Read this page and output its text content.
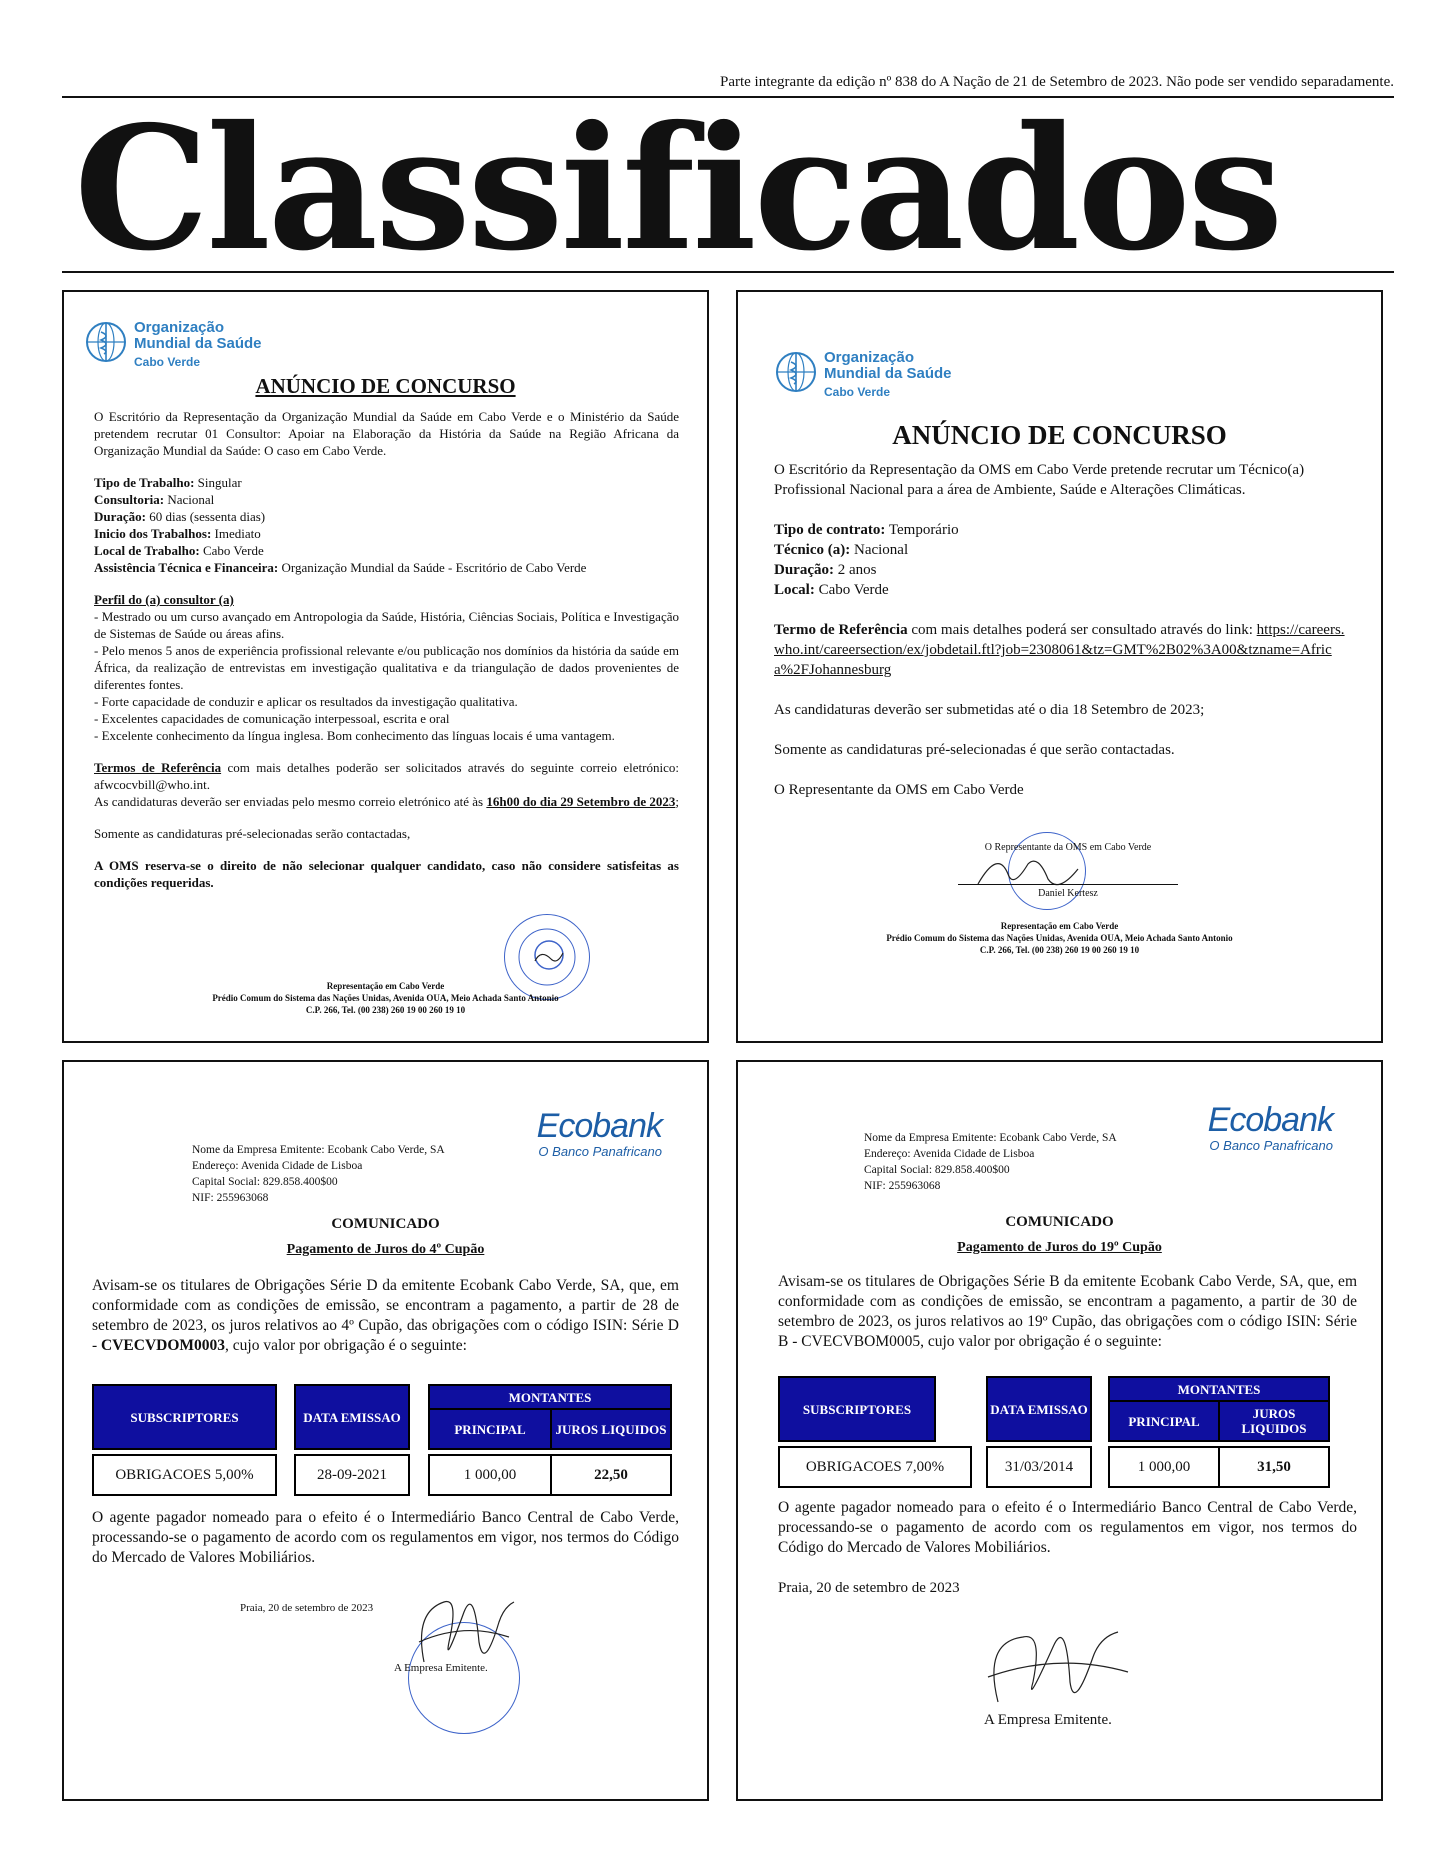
Parte integrante da edição nº 838 do A Nação de 21 de Setembro de 2023. Não pode ser vendido separadamente.
Classificados
Organização
Mundial da Saúde
Cabo Verde
ANÚNCIO DE CONCURSO

O Escritório da Representação da Organização Mundial da Saúde em Cabo Verde e o Ministério da Saúde pretendem recrutar 01 Consultor: Apoiar na Elaboração da História da Saúde na Região Africana da Organização Mundial da Saúde: O caso em Cabo Verde.

Tipo de Trabalho: Singular

Consultoria: Nacional

Duração: 60 dias (sessenta dias)

Inicio dos Trabalhos: Imediato

Local de Trabalho: Cabo Verde

Assistência Técnica e Financeira: Organização Mundial da Saúde - Escritório de Cabo Verde

Perfil do (a) consultor (a)

- Mestrado ou um curso avançado em Antropologia da Saúde, História, Ciências Sociais, Política e Investigação de Sistemas de Saúde ou áreas afins.

- Pelo menos 5 anos de experiência profissional relevante e/ou publicação nos domínios da história da saúde em África, da realização de entrevistas em investigação qualitativa e da triangulação de dados provenientes de diferentes fontes.

- Forte capacidade de conduzir e aplicar os resultados da investigação qualitativa.

- Excelentes capacidades de comunicação interpessoal, escrita e oral

- Excelente conhecimento da língua inglesa. Bom conhecimento das línguas locais é uma vantagem.

Termos de Referência com mais detalhes poderão ser solicitados através do seguinte correio eletrónico: afwcocvbill@who.int.

As candidaturas deverão ser enviadas pelo mesmo correio eletrónico até às 16h00 do dia 29 Setembro de 2023;

Somente as candidaturas pré-selecionadas serão contactadas,

A OMS reserva-se o direito de não selecionar qualquer candidato, caso não considere satisfeitas as condições requeridas.

Representação em Cabo Verde
Prédio Comum do Sistema das Nações Unidas, Avenida OUA, Meio Achada Santo Antonio
C.P. 266, Tel. (00 238) 260 19 00 260 19 10
Organização
Mundial da Saúde
Cabo Verde
ANÚNCIO DE CONCURSO

O Escritório da Representação da OMS em Cabo Verde pretende recrutar um Técnico(a) Profissional Nacional para a área de Ambiente, Saúde e Alterações Climáticas.

Tipo de contrato: Temporário

Técnico (a): Nacional

Duração: 2 anos

Local: Cabo Verde

Termo de Referência com mais detalhes poderá ser consultado através do link: https://careers.who.int/careersection/ex/jobdetail.ftl?job=2308061&tz=GMT%2B02%3A00&tzname=Africa%2FJohannesburg

As candidaturas deverão ser submetidas até o dia 18 Setembro de 2023;

Somente as candidaturas pré-selecionadas é que serão contactadas.

O Representante da OMS em Cabo Verde

O Representante da OMS em Cabo Verde
Daniel Kertesz
Representação em Cabo Verde
Prédio Comum do Sistema das Nações Unidas, Avenida OUA, Meio Achada Santo Antonio
C.P. 266, Tel. (00 238) 260 19 00 260 19 10
Nome da Empresa Emitente: Ecobank Cabo Verde, SA
Endereço: Avenida Cidade de Lisboa
Capital Social: 829.858.400$00
NIF: 255963068
Ecobank
O Banco Panafricano
COMUNICADO
Pagamento de Juros do 4º Cupão
Avisam-se os titulares de Obrigações Série D da emitente Ecobank Cabo Verde, SA, que, em conformidade com as condições de emissão, se encontram a pagamento, a partir de 28 de setembro de 2023, os juros relativos ao 4º Cupão, das obrigações com o código ISIN: Série D - CVECVDOM0003, cujo valor por obrigação é o seguinte:
SUBSCRIPTORES	DATA EMISSAO
MONTANTES
PRINCIPAL	JUROS LIQUIDOS
OBRIGACOES 5,00%	28-09-2021	1 000,00	22,50
O agente pagador nomeado para o efeito é o Intermediário Banco Central de Cabo Verde, processando-se o pagamento de acordo com os regulamentos em vigor, nos termos do Código do Mercado de Valores Mobiliários.
Praia, 20 de setembro de 2023
A Empresa Emitente.
Nome da Empresa Emitente: Ecobank Cabo Verde, SA
Endereço: Avenida Cidade de Lisboa
Capital Social: 829.858.400$00
NIF: 255963068
Ecobank
O Banco Panafricano
COMUNICADO
Pagamento de Juros do 19º Cupão
Avisam-se os titulares de Obrigações Série B da emitente Ecobank Cabo Verde, SA, que, em conformidade com as condições de emissão, se encontram a pagamento, a partir de 30 de setembro de 2023, os juros relativos ao 19º Cupão, das obrigações com o código ISIN: Série B - CVECVBOM0005, cujo valor por obrigação é o seguinte:
SUBSCRIPTORES	DATA EMISSAO
MONTANTES
PRINCIPAL	JUROS LIQUIDOS
OBRIGACOES 7,00%	31/03/2014	1 000,00	31,50
O agente pagador nomeado para o efeito é o Intermediário Banco Central de Cabo Verde, processando-se o pagamento de acordo com os regulamentos em vigor, nos termos do Código do Mercado de Valores Mobiliários.
Praia, 20 de setembro de 2023
A Empresa Emitente.
